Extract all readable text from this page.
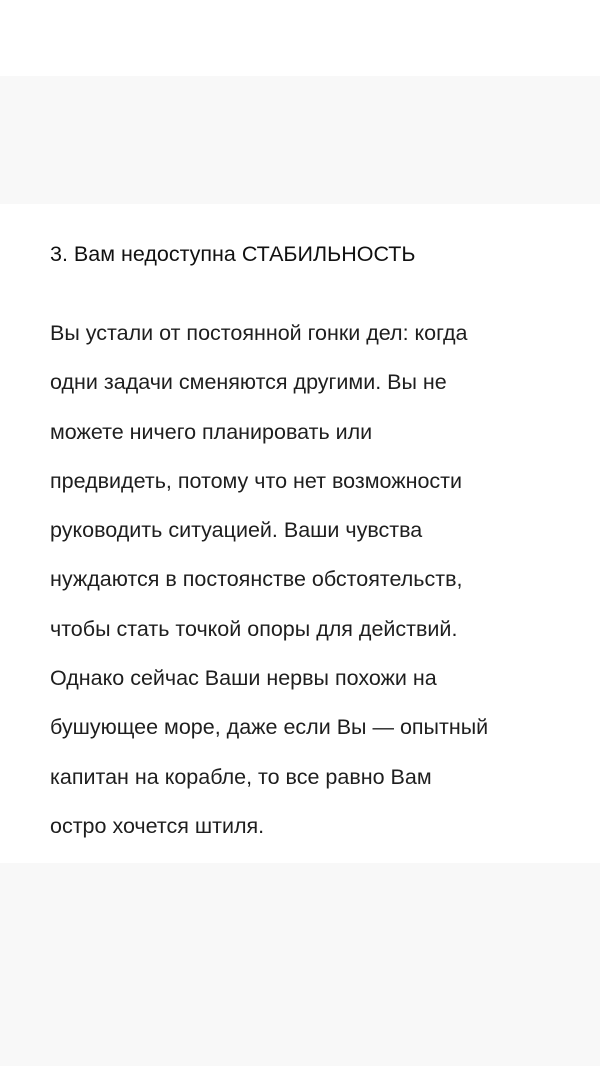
3. Вам недоступна СТАБИЛЬНОСТЬ

Вы устали от постоянной гонки дел: когда
одни задачи сменяются другими. Вы не
можете ничего планировать или
предвидеть, потому что нет возможности
руководить ситуацией. Ваши чувства
нуждаются в постоянстве обстоятельств,
чтобы стать точкой опоры для действий.
Однако сейчас Ваши нервы похожи на
бушующее море, даже если Вы — опытный
капитан на корабле, то все равно Вам
остро хочется штиля.
